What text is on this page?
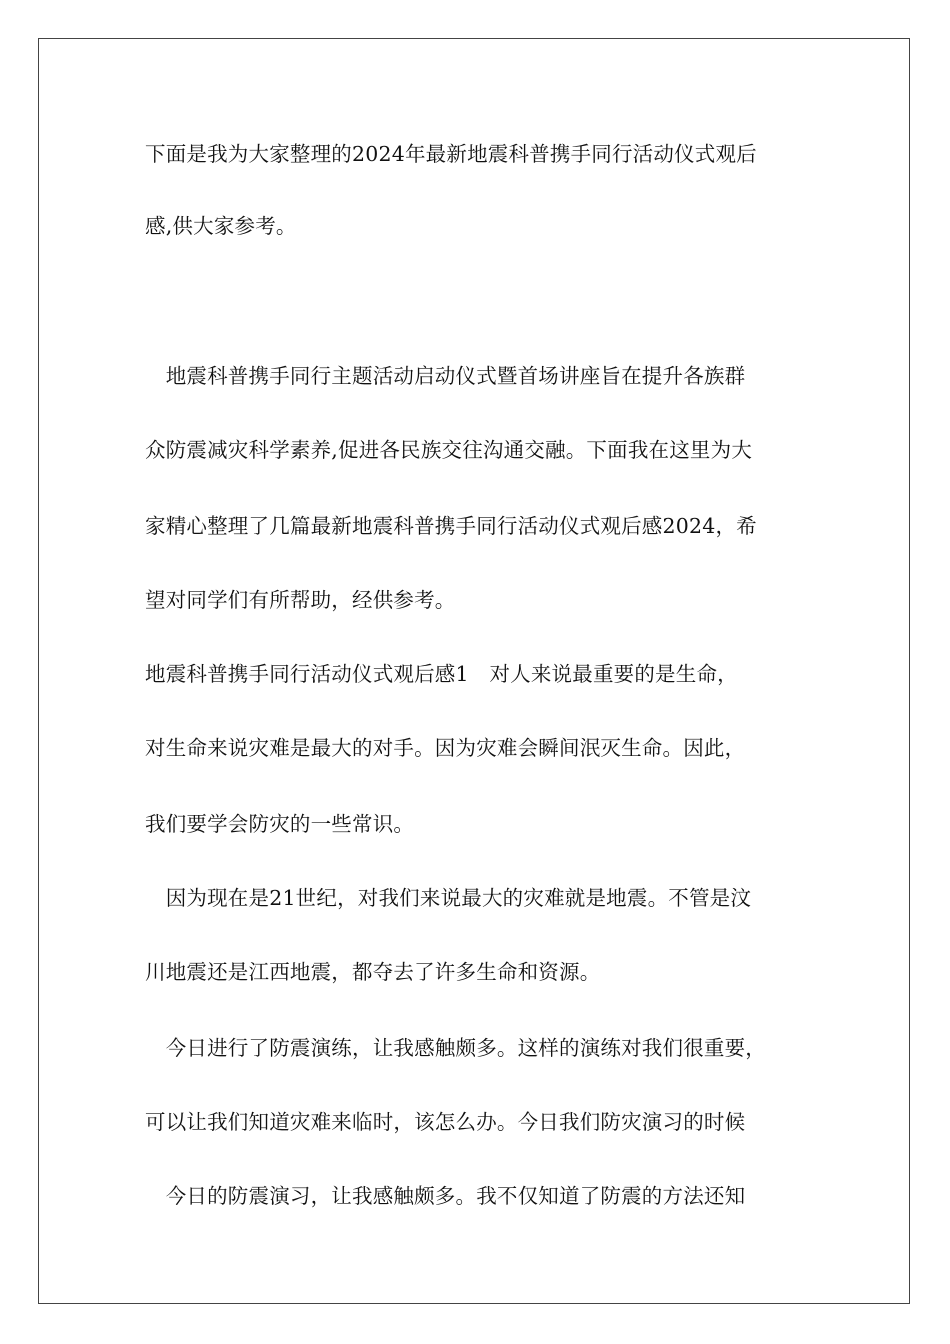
下面是我为大家整理的2024年最新地震科普携手同行活动仪式观后
感,供大家参考。
　地震科普携手同行主题活动启动仪式暨首场讲座旨在提升各族群
众防震减灾科学素养,促进各民族交往沟通交融。下面我在这里为大
家精心整理了几篇最新地震科普携手同行活动仪式观后感2024，希
望对同学们有所帮助，经供参考。
地震科普携手同行活动仪式观后感1　对人来说最重要的是生命，
对生命来说灾难是最大的对手。因为灾难会瞬间泯灭生命。因此，
我们要学会防灾的一些常识。
　因为现在是21世纪，对我们来说最大的灾难就是地震。不管是汶
川地震还是江西地震，都夺去了许多生命和资源。
　今日进行了防震演练，让我感触颇多。这样的演练对我们很重要，
可以让我们知道灾难来临时，该怎么办。今日我们防灾演习的时候
　今日的防震演习，让我感触颇多。我不仅知道了防震的方法还知
